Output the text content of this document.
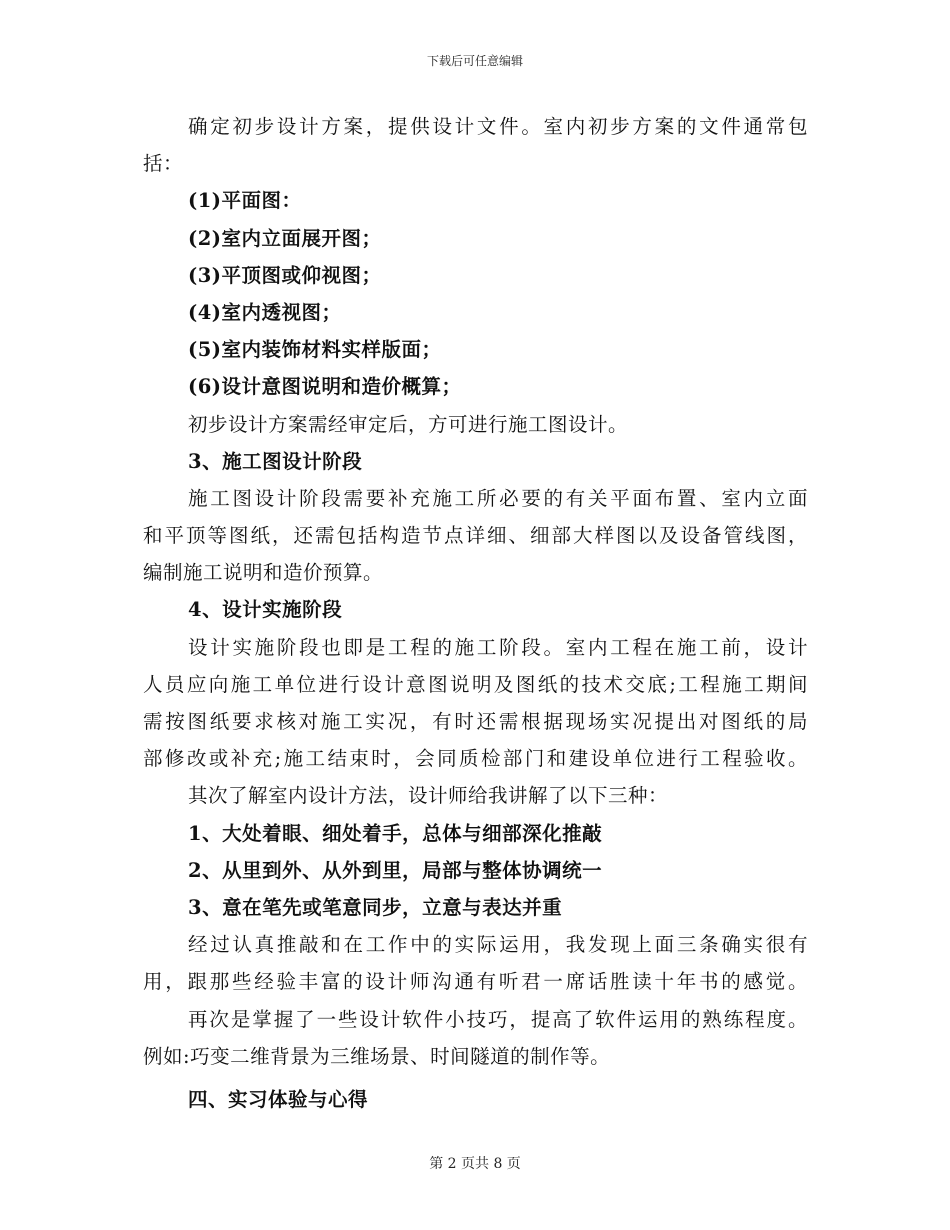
下载后可任意编辑
确定初步设计方案，提供设计文件。室内初步方案的文件通常包
括：
(1)平面图：
(2)室内立面展开图；
(3)平顶图或仰视图；
(4)室内透视图；
(5)室内装饰材料实样版面；
(6)设计意图说明和造价概算；
初步设计方案需经审定后，方可进行施工图设计。
3、施工图设计阶段
施工图设计阶段需要补充施工所必要的有关平面布置、室内立面
和平顶等图纸，还需包括构造节点详细、细部大样图以及设备管线图，
编制施工说明和造价预算。
4、设计实施阶段
设计实施阶段也即是工程的施工阶段。室内工程在施工前，设计
人员应向施工单位进行设计意图说明及图纸的技术交底;工程施工期间
需按图纸要求核对施工实况，有时还需根据现场实况提出对图纸的局
部修改或补充;施工结束时，会同质检部门和建设单位进行工程验收。
其次了解室内设计方法，设计师给我讲解了以下三种：
1、大处着眼、细处着手，总体与细部深化推敲
2、从里到外、从外到里，局部与整体协调统一
3、意在笔先或笔意同步，立意与表达并重
经过认真推敲和在工作中的实际运用，我发现上面三条确实很有
用，跟那些经验丰富的设计师沟通有听君一席话胜读十年书的感觉。
再次是掌握了一些设计软件小技巧，提高了软件运用的熟练程度。
例如:巧变二维背景为三维场景、时间隧道的制作等。
四、实习体验与心得
第 2 页共 8 页
